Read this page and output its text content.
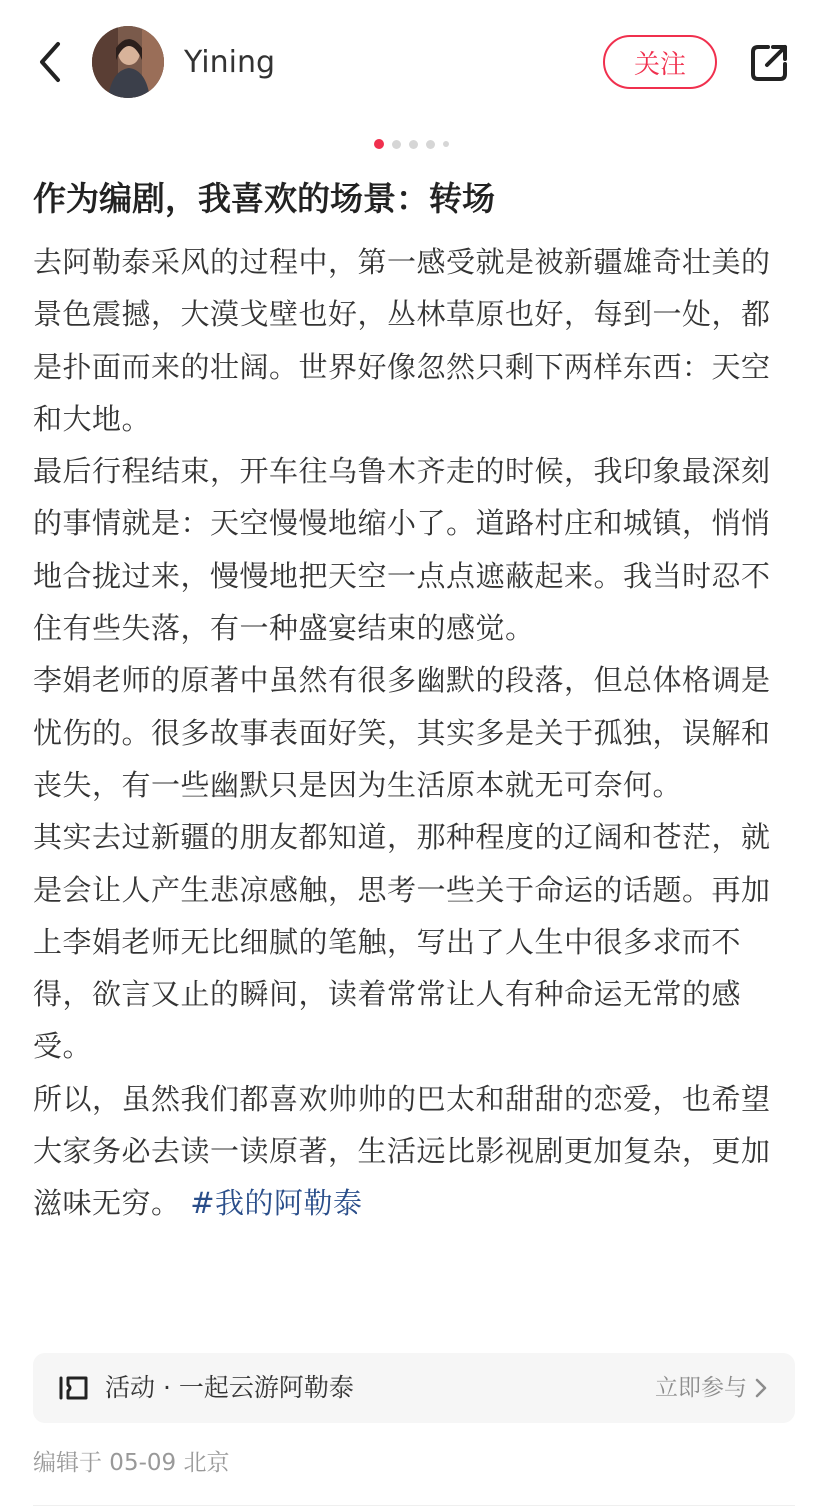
Yining	关注
作为编剧，我喜欢的场景：转场

去阿勒泰采风的过程中，第一感受就是被新疆雄奇壮美的景色震撼，大漠戈壁也好，丛林草原也好，每到一处，都是扑面而来的壮阔。世界好像忽然只剩下两样东西：天空和大地。

最后行程结束，开车往乌鲁木齐走的时候，我印象最深刻的事情就是：天空慢慢地缩小了。道路村庄和城镇，悄悄地合拢过来，慢慢地把天空一点点遮蔽起来。我当时忍不住有些失落，有一种盛宴结束的感觉。

李娟老师的原著中虽然有很多幽默的段落，但总体格调是忧伤的。很多故事表面好笑，其实多是关于孤独，误解和丧失，有一些幽默只是因为生活原本就无可奈何。

其实去过新疆的朋友都知道，那种程度的辽阔和苍茫，就是会让人产生悲凉感触，思考一些关于命运的话题。再加上李娟老师无比细腻的笔触，写出了人生中很多求而不得，欲言又止的瞬间，读着常常让人有种命运无常的感受。

所以，虽然我们都喜欢帅帅的巴太和甜甜的恋爱，也希望大家务必去读一读原著，生活远比影视剧更加复杂，更加滋味无穷。 #我的阿勒泰

活动 · 一起云游阿勒泰	立即参与
编辑于 05-09 北京
